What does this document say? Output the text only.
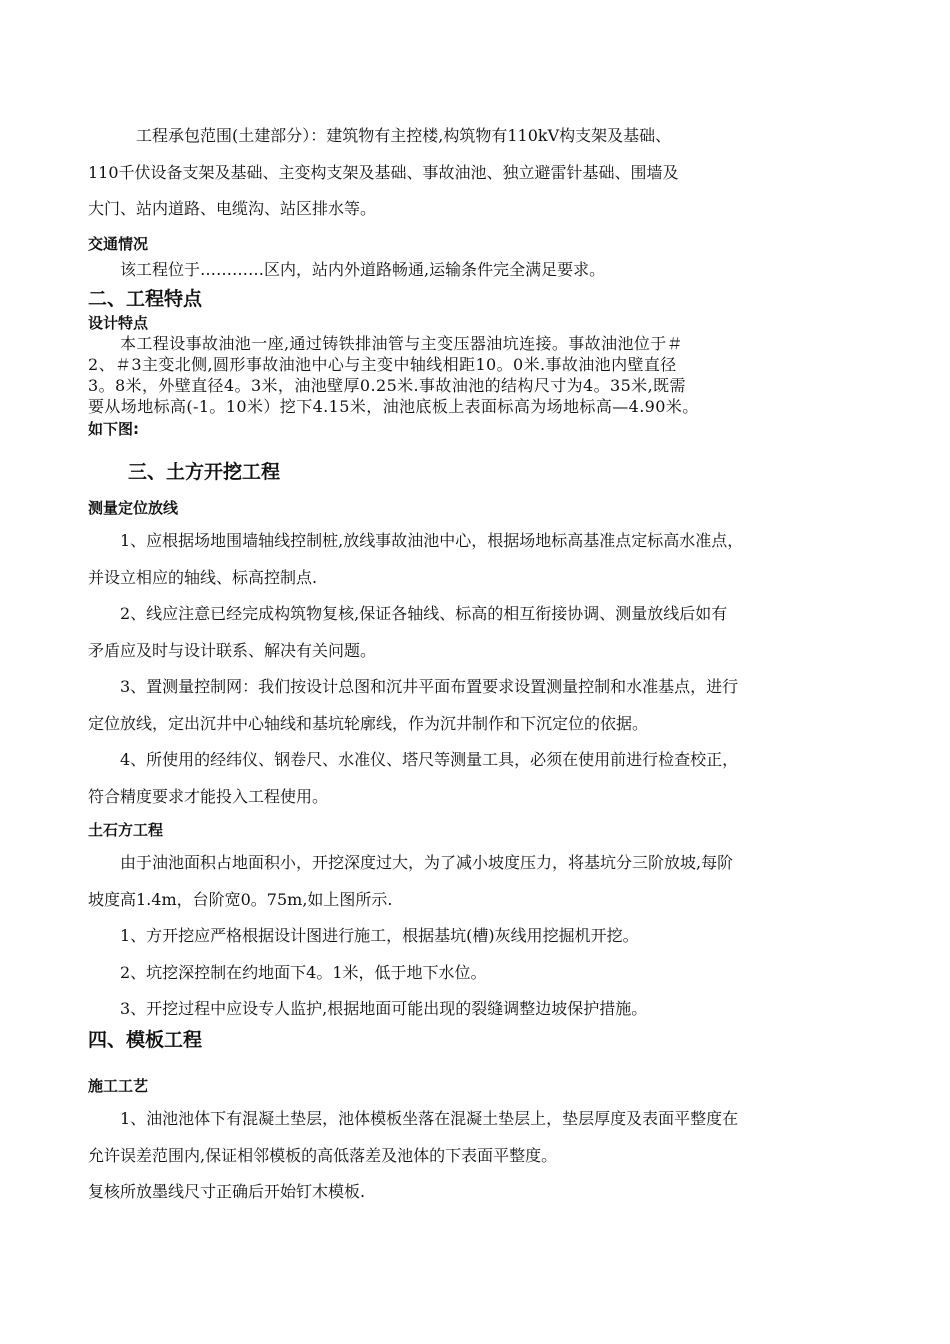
工程承包范围(土建部分）：建筑物有主控楼,构筑物有110kV构支架及基础、
110千伏设备支架及基础、主变构支架及基础、事故油池、独立避雷针基础、围墙及
大门、站内道路、电缆沟、站区排水等。
交通情况
该工程位于…………区内，站内外道路畅通,运输条件完全满足要求。
二、工程特点
设计特点
本工程设事故油池一座,通过铸铁排油管与主变压器油坑连接。事故油池位于＃
2、＃3主变北侧,圆形事故油池中心与主变中轴线相距10。0米.事故油池内壁直径
3。8米，外壁直径4。3米，油池壁厚0.25米.事故油池的结构尺寸为4。35米,既需
要从场地标高(-1。10米）挖下4.15米，油池底板上表面标高为场地标高—4.90米。
如下图:
三、土方开挖工程
测量定位放线
1、应根据场地围墙轴线控制桩,放线事故油池中心，根据场地标高基准点定标高水准点，
并设立相应的轴线、标高控制点.
2、线应注意已经完成构筑物复核,保证各轴线、标高的相互衔接协调、测量放线后如有
矛盾应及时与设计联系、解决有关问题。
3、置测量控制网：我们按设计总图和沉井平面布置要求设置测量控制和水准基点，进行
定位放线，定出沉井中心轴线和基坑轮廓线，作为沉井制作和下沉定位的依据。
4、所使用的经纬仪、钢卷尺、水准仪、塔尺等测量工具，必须在使用前进行检查校正，
符合精度要求才能投入工程使用。
土石方工程
由于油池面积占地面积小，开挖深度过大，为了减小坡度压力，将基坑分三阶放坡,每阶
坡度高1.4m，台阶宽0。75m,如上图所示.
1、方开挖应严格根据设计图进行施工，根据基坑(槽)灰线用挖掘机开挖。
2、坑挖深控制在约地面下4。1米，低于地下水位。
3、开挖过程中应设专人监护,根据地面可能出现的裂缝调整边坡保护措施。
四、模板工程
施工工艺
1、油池池体下有混凝土垫层，池体模板坐落在混凝土垫层上，垫层厚度及表面平整度在
允许误差范围内,保证相邻模板的高低落差及池体的下表面平整度。
复核所放墨线尺寸正确后开始钉木模板.
